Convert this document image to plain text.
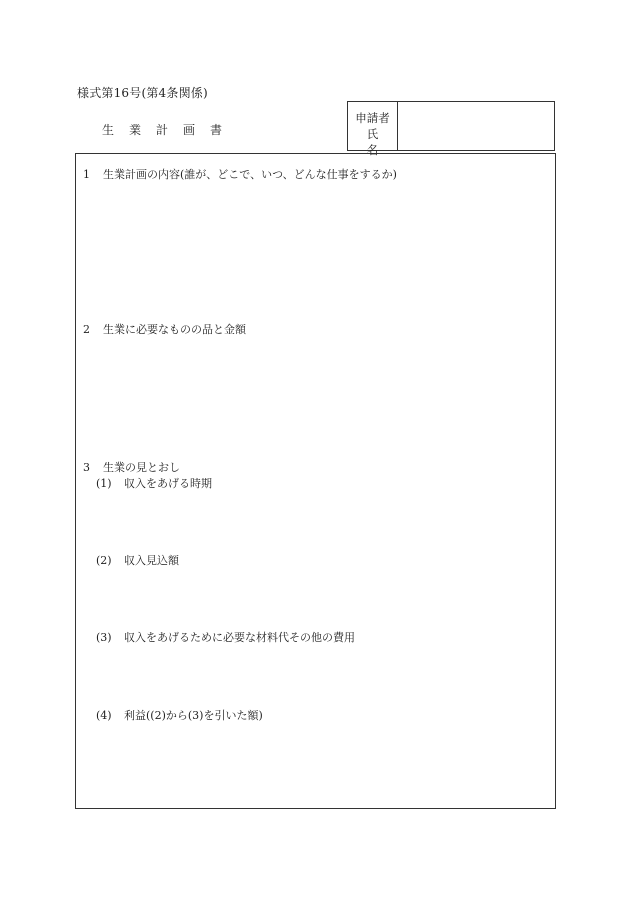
様式第16号(第4条関係)
生業計画書
申請者
氏名
1 生業計画の内容(誰が、どこで、いつ、どんな仕事をするか)
2 生業に必要なものの品と金額
3 生業の見とおし
(1) 収入をあげる時期
(2) 収入見込額
(3) 収入をあげるために必要な材料代その他の費用
(4) 利益((2)から(3)を引いた額)
